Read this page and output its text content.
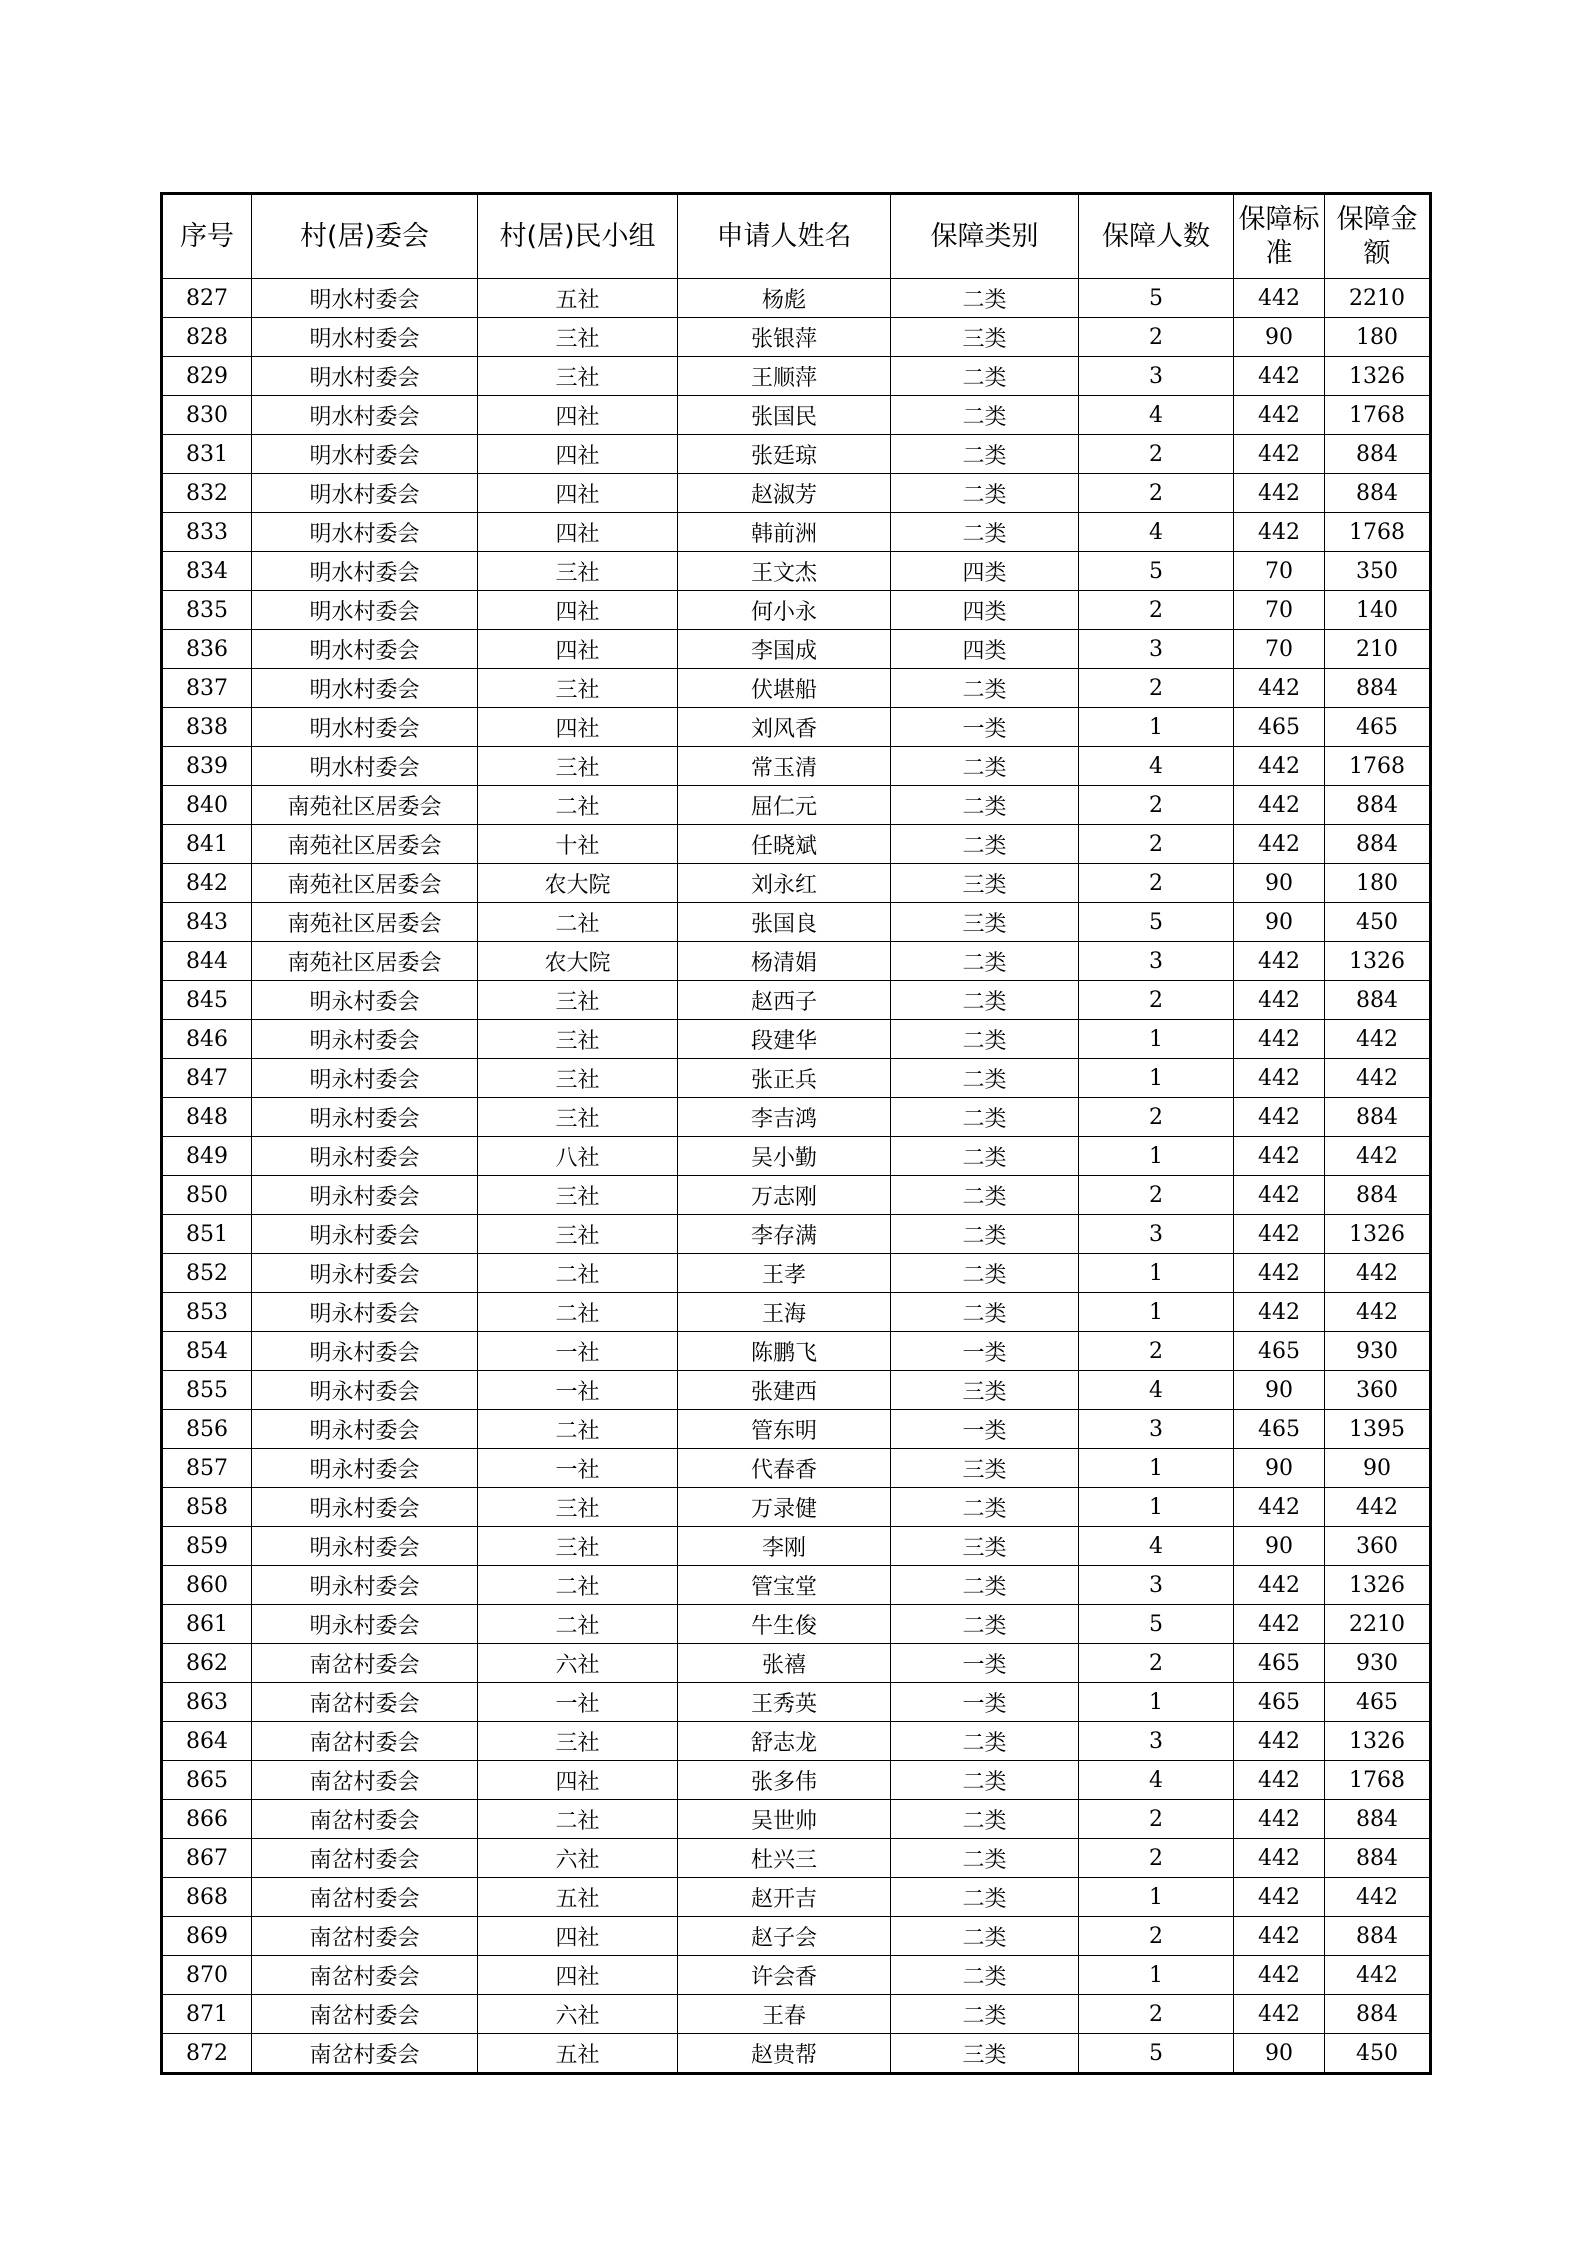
序号	村(居)委会	村(居)民小组	申请人姓名	保障类别	保障人数	保障标准	保障金额
827	明水村委会	五社	杨彪	二类	5	442	2210
828	明水村委会	三社	张银萍	三类	2	90	180
829	明水村委会	三社	王顺萍	二类	3	442	1326
830	明水村委会	四社	张国民	二类	4	442	1768
831	明水村委会	四社	张廷琼	二类	2	442	884
832	明水村委会	四社	赵淑芳	二类	2	442	884
833	明水村委会	四社	韩前洲	二类	4	442	1768
834	明水村委会	三社	王文杰	四类	5	70	350
835	明水村委会	四社	何小永	四类	2	70	140
836	明水村委会	四社	李国成	四类	3	70	210
837	明水村委会	三社	伏堪船	二类	2	442	884
838	明水村委会	四社	刘风香	一类	1	465	465
839	明水村委会	三社	常玉清	二类	4	442	1768
840	南苑社区居委会	二社	屈仁元	二类	2	442	884
841	南苑社区居委会	十社	任晓斌	二类	2	442	884
842	南苑社区居委会	农大院	刘永红	三类	2	90	180
843	南苑社区居委会	二社	张国良	三类	5	90	450
844	南苑社区居委会	农大院	杨清娟	二类	3	442	1326
845	明永村委会	三社	赵西子	二类	2	442	884
846	明永村委会	三社	段建华	二类	1	442	442
847	明永村委会	三社	张正兵	二类	1	442	442
848	明永村委会	三社	李吉鸿	二类	2	442	884
849	明永村委会	八社	吴小勤	二类	1	442	442
850	明永村委会	三社	万志刚	二类	2	442	884
851	明永村委会	三社	李存满	二类	3	442	1326
852	明永村委会	二社	王孝	二类	1	442	442
853	明永村委会	二社	王海	二类	1	442	442
854	明永村委会	一社	陈鹏飞	一类	2	465	930
855	明永村委会	一社	张建西	三类	4	90	360
856	明永村委会	二社	管东明	一类	3	465	1395
857	明永村委会	一社	代春香	三类	1	90	90
858	明永村委会	三社	万录健	二类	1	442	442
859	明永村委会	三社	李刚	三类	4	90	360
860	明永村委会	二社	管宝堂	二类	3	442	1326
861	明永村委会	二社	牛生俊	二类	5	442	2210
862	南岔村委会	六社	张禧	一类	2	465	930
863	南岔村委会	一社	王秀英	一类	1	465	465
864	南岔村委会	三社	舒志龙	二类	3	442	1326
865	南岔村委会	四社	张多伟	二类	4	442	1768
866	南岔村委会	二社	吴世帅	二类	2	442	884
867	南岔村委会	六社	杜兴三	二类	2	442	884
868	南岔村委会	五社	赵开吉	二类	1	442	442
869	南岔村委会	四社	赵子会	二类	2	442	884
870	南岔村委会	四社	许会香	二类	1	442	442
871	南岔村委会	六社	王春	二类	2	442	884
872	南岔村委会	五社	赵贵帮	三类	5	90	450
